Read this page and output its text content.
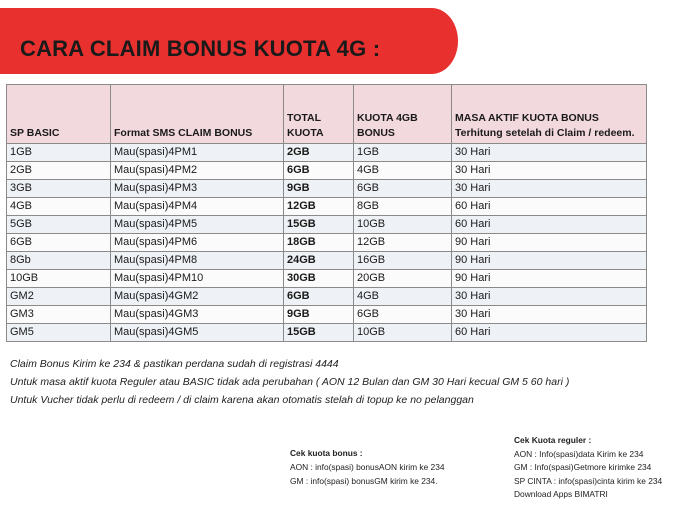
CARA CLAIM BONUS KUOTA 4G :
SP BASIC	Format SMS CLAIM BONUS	TOTAL KUOTA	KUOTA 4GB BONUS	MASA AKTIF KUOTA BONUS Terhitung setelah di Claim / redeem.
1GB	Mau(spasi)4PM1	2GB	1GB	30 Hari
2GB	Mau(spasi)4PM2	6GB	4GB	30 Hari
3GB	Mau(spasi)4PM3	9GB	6GB	30 Hari
4GB	Mau(spasi)4PM4	12GB	8GB	60 Hari
5GB	Mau(spasi)4PM5	15GB	10GB	60 Hari
6GB	Mau(spasi)4PM6	18GB	12GB	90 Hari
8Gb	Mau(spasi)4PM8	24GB	16GB	90 Hari
10GB	Mau(spasi)4PM10	30GB	20GB	90 Hari
GM2	Mau(spasi)4GM2	6GB	4GB	30 Hari
GM3	Mau(spasi)4GM3	9GB	6GB	30 Hari
GM5	Mau(spasi)4GM5	15GB	10GB	60 Hari
Claim Bonus Kirim ke 234 & pastikan perdana sudah di registrasi 4444
Untuk masa aktif kuota Reguler atau BASIC tidak ada perubahan ( AON 12 Bulan dan GM 30 Hari kecual GM 5 60 hari )
Untuk Vucher tidak perlu di redeem / di claim karena akan otomatis stelah di topup ke no pelanggan
Cek kuota bonus :
AON : info(spasi) bonusAON kirim ke 234
GM : info(spasi) bonusGM kirim ke 234.
Cek Kuota reguler :
AON : Info(spasi)data Kirim ke 234
GM : Info(spasi)Getmore kirimke 234
SP CINTA : info(spasi)cinta kirim ke 234
Download Apps BIMATRI
